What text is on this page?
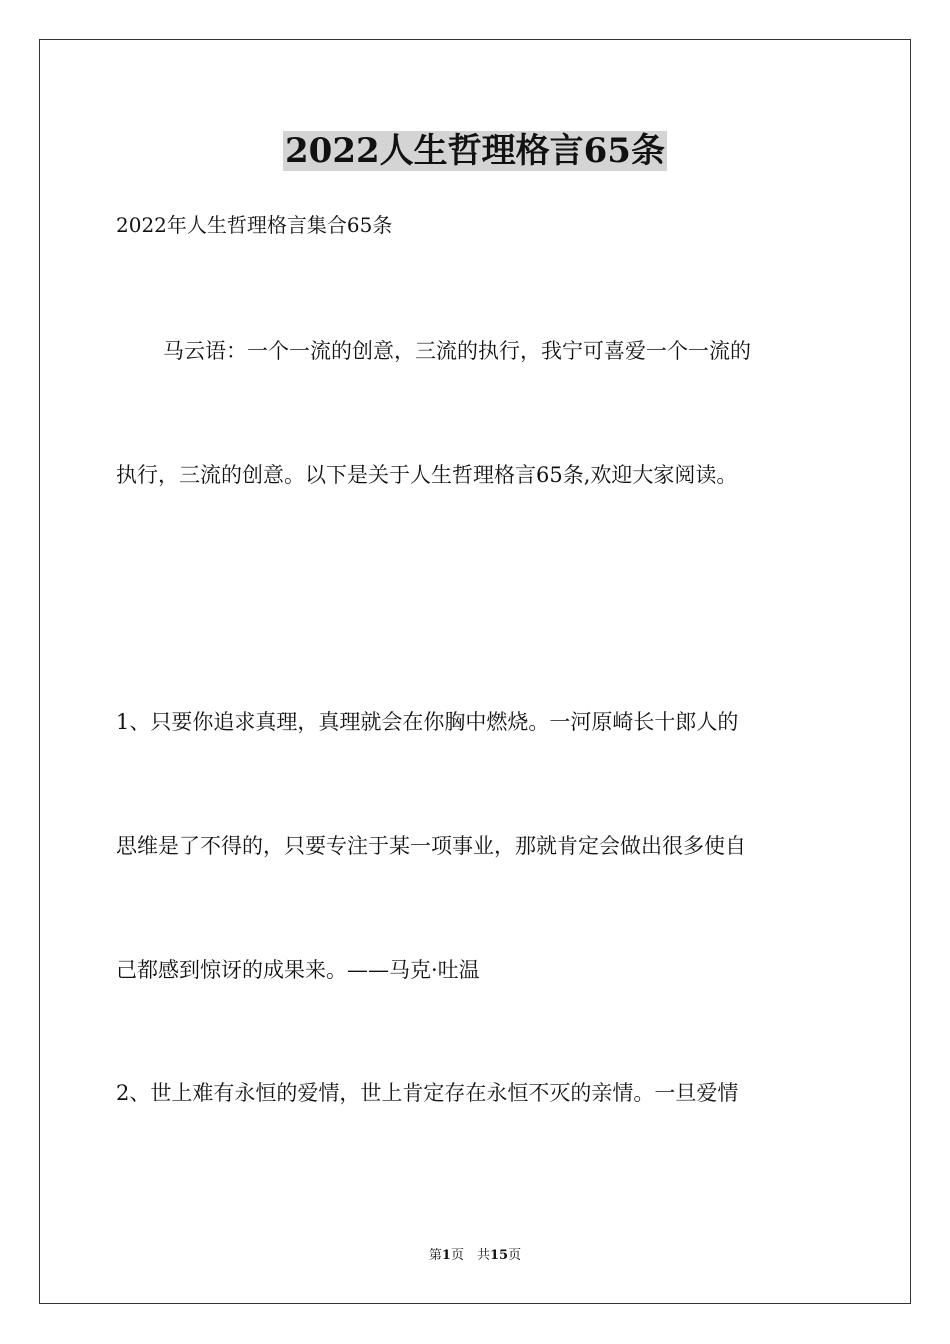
2022人生哲理格言65条
2022年人生哲理格言集合65条
马云语：一个一流的创意，三流的执行，我宁可喜爱一个一流的
执行，三流的创意。以下是关于人生哲理格言65条,欢迎大家阅读。
1、只要你追求真理，真理就会在你胸中燃烧。一河原崎长十郎人的
思维是了不得的，只要专注于某一项事业，那就肯定会做出很多使自
己都感到惊讶的成果来。——马克·吐温
2、世上难有永恒的爱情，世上肯定存在永恒不灭的亲情。一旦爱情
第1页　共15页
